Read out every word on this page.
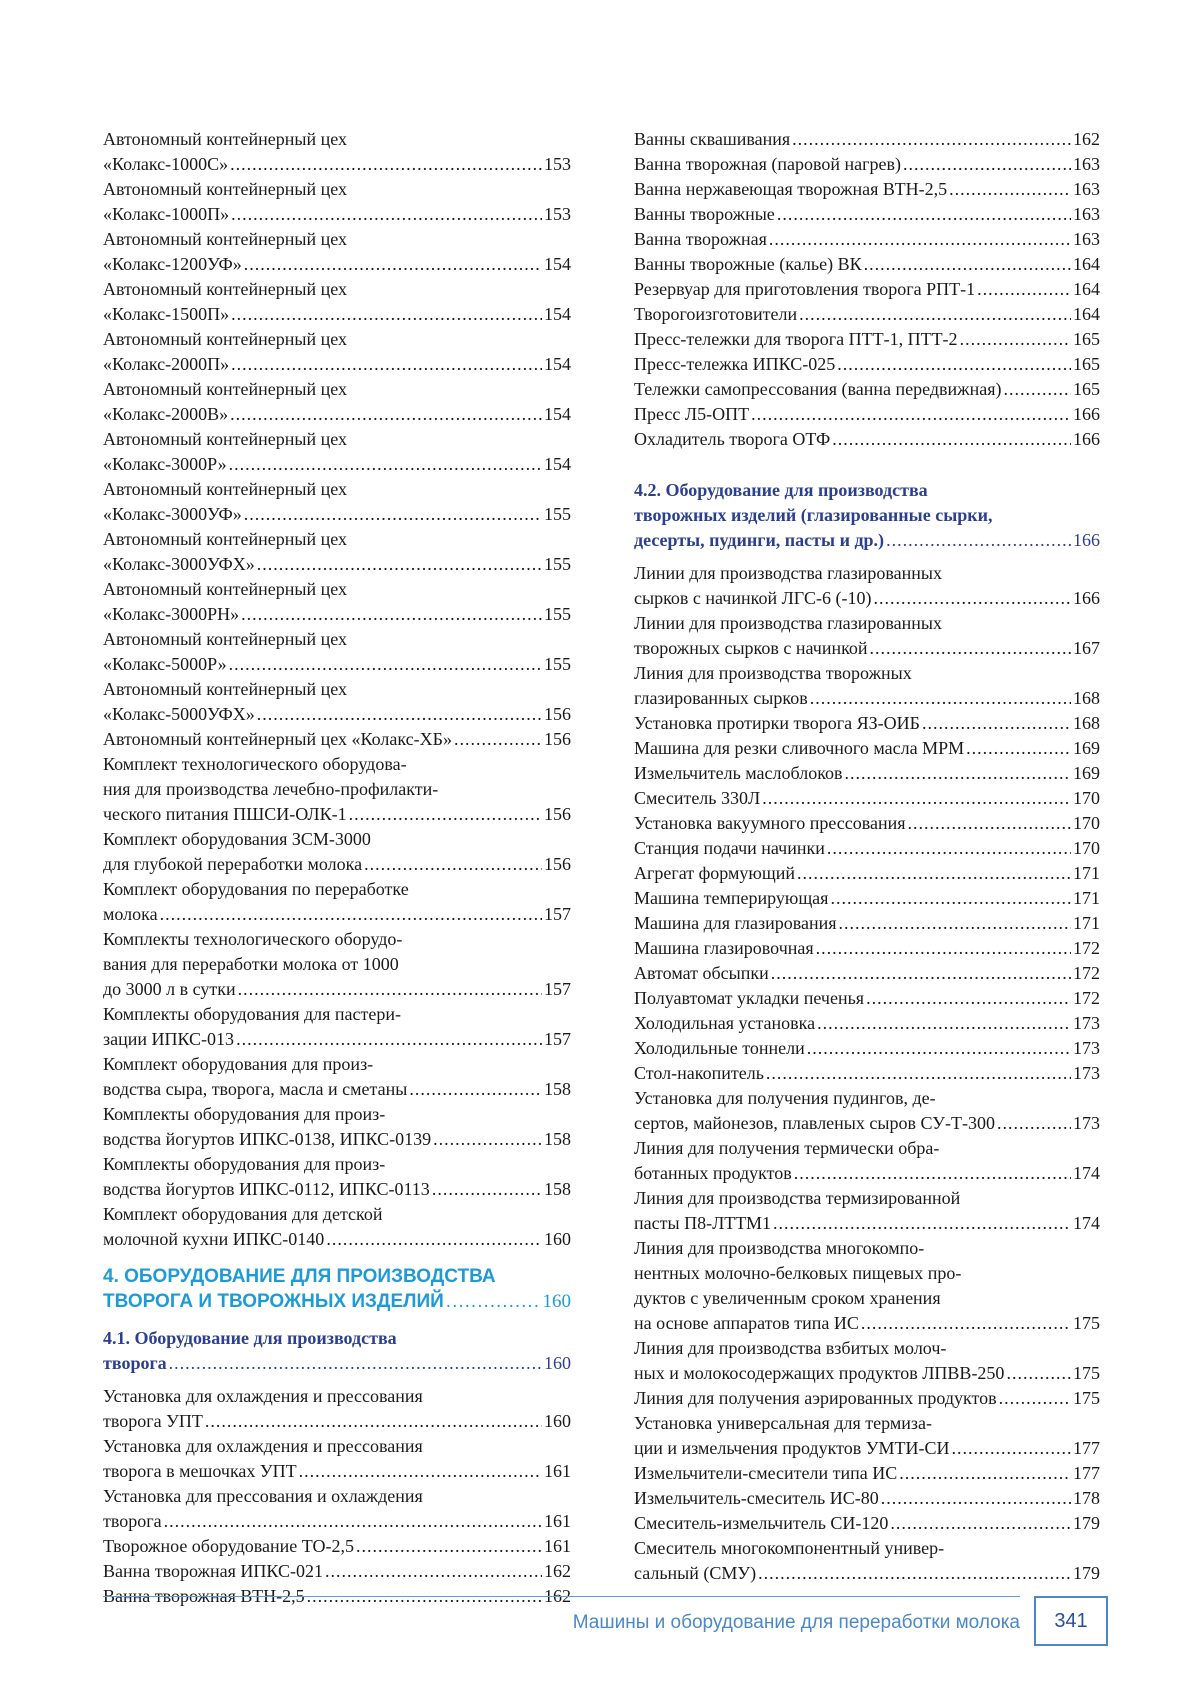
Автономный контейнерный цех
«Колакс-1000С» .....	153
Автономный контейнерный цех
«Колакс-1000П» .....	153
Автономный контейнерный цех
«Колакс-1200УФ» .....	154
Автономный контейнерный цех
«Колакс-1500П» .....	154
Автономный контейнерный цех
«Колакс-2000П» .....	154
Автономный контейнерный цех
«Колакс-2000В» .....	154
Автономный контейнерный цех
«Колакс-3000Р» .....	154
Автономный контейнерный цех
«Колакс-3000УФ» .....	155
Автономный контейнерный цех
«Колакс-3000УФХ» .....	155
Автономный контейнерный цех
«Колакс-3000РН» .....	155
Автономный контейнерный цех
«Колакс-5000Р» .....	155
Автономный контейнерный цех
«Колакс-5000УФХ» .....	156
Автономный контейнерный цех «Колакс-ХБ» .....	156
Комплект технологического оборудова-
ния для производства лечебно-профилакти-
ческого питания ПШСИ-ОЛК-1 .....	156
Комплект оборудования ЗСМ-3000
для глубокой переработки молока .....	156
Комплект оборудования по переработке
молока .....	157
Комплекты технологического оборудо-
вания для переработки молока от 1000
до 3000 л в сутки .....	157
Комплекты оборудования для пастери-
зации ИПКС-013 .....	157
Комплект оборудования для произ-
водства сыра, творога, масла и сметаны .....	158
Комплекты оборудования для произ-
водства йогуртов ИПКС-0138, ИПКС-0139 .....	158
Комплекты оборудования для произ-
водства йогуртов ИПКС-0112, ИПКС-0113 .....	158
Комплект оборудования для детской
молочной кухни ИПКС-0140 .....	160
4. ОБОРУДОВАНИЕ ДЛЯ ПРОИЗВОДСТВА
ТВОРОГА И ТВОРОЖНЫХ ИЗДЕЛИЙ .....	160
4.1. Оборудование для производства
творога .....	160
Установка для охлаждения и прессования
творога УПТ .....	160
Установка для охлаждения и прессования
творога в мешочках УПТ .....	161
Установка для прессования и охлаждения
творога .....	161
Творожное оборудование ТО-2,5 .....	161
Ванна творожная ИПКС-021 .....	162
Ванна творожная ВТН-2,5 .....	162
Ванны сквашивания .....	162
Ванна творожная (паровой нагрев) .....	163
Ванна нержавеющая творожная ВТН-2,5 .....	163
Ванны творожные .....	163
Ванна творожная .....	163
Ванны творожные (кальe) ВК .....	164
Резервуар для приготовления творога РПТ-1 .....	164
Творогоизготовители .....	164
Пресс-тележки для творога ПТТ-1, ПТТ-2 .....	165
Пресс-тележка ИПКС-025 .....	165
Тележки самопрессования (ванна передвижная) .....	165
Пресс Л5-ОПТ .....	166
Охладитель творога ОТФ .....	166
4.2. Оборудование для производства
творожных изделий (глазированные сырки,
десерты, пудинги, пасты и др.) .....	166
Линии для производства глазированных
сырков с начинкой ЛГС-6 (-10) .....	166
Линии для производства глазированных
творожных сырков с начинкой .....	167
Линия для производства творожных
глазированных сырков .....	168
Установка протирки творога ЯЗ-ОИБ .....	168
Машина для резки сливочного масла МРМ .....	169
Измельчитель маслоблоков .....	169
Смеситель 330Л .....	170
Установка вакуумного прессования .....	170
Станция подачи начинки .....	170
Агрегат формующий .....	171
Машина темперирующая .....	171
Машина для глазирования .....	171
Машина глазировочная .....	172
Автомат обсыпки .....	172
Полуавтомат укладки печенья .....	172
Холодильная установка .....	173
Холодильные тоннели .....	173
Стол-накопитель .....	173
Установка для получения пудингов, де-
сертов, майонезов, плавленых сыров СУ-Т-300 .....	173
Линия для получения термически обра-
ботанных продуктов .....	174
Линия для производства термизированной
пасты П8-ЛТТМ1 .....	174
Линия для производства многокомпо-
нентных молочно-белковых пищевых про-
дуктов с увеличенным сроком хранения
на основе аппаратов типа ИС .....	175
Линия для производства взбитых молоч-
ных и молокосодержащих продуктов ЛПВВ-250 .....	175
Линия для получения аэрированных продуктов .....	175
Установка универсальная для термиза-
ции и измельчения продуктов УМТИ-СИ .....	177
Измельчители-смесители типа ИС .....	177
Измельчитель-смеситель ИС-80 .....	178
Смеситель-измельчитель СИ-120 .....	179
Смеситель многокомпонентный универ-
сальный (СМУ) .....	179
Машины и оборудование для переработки молока	341
